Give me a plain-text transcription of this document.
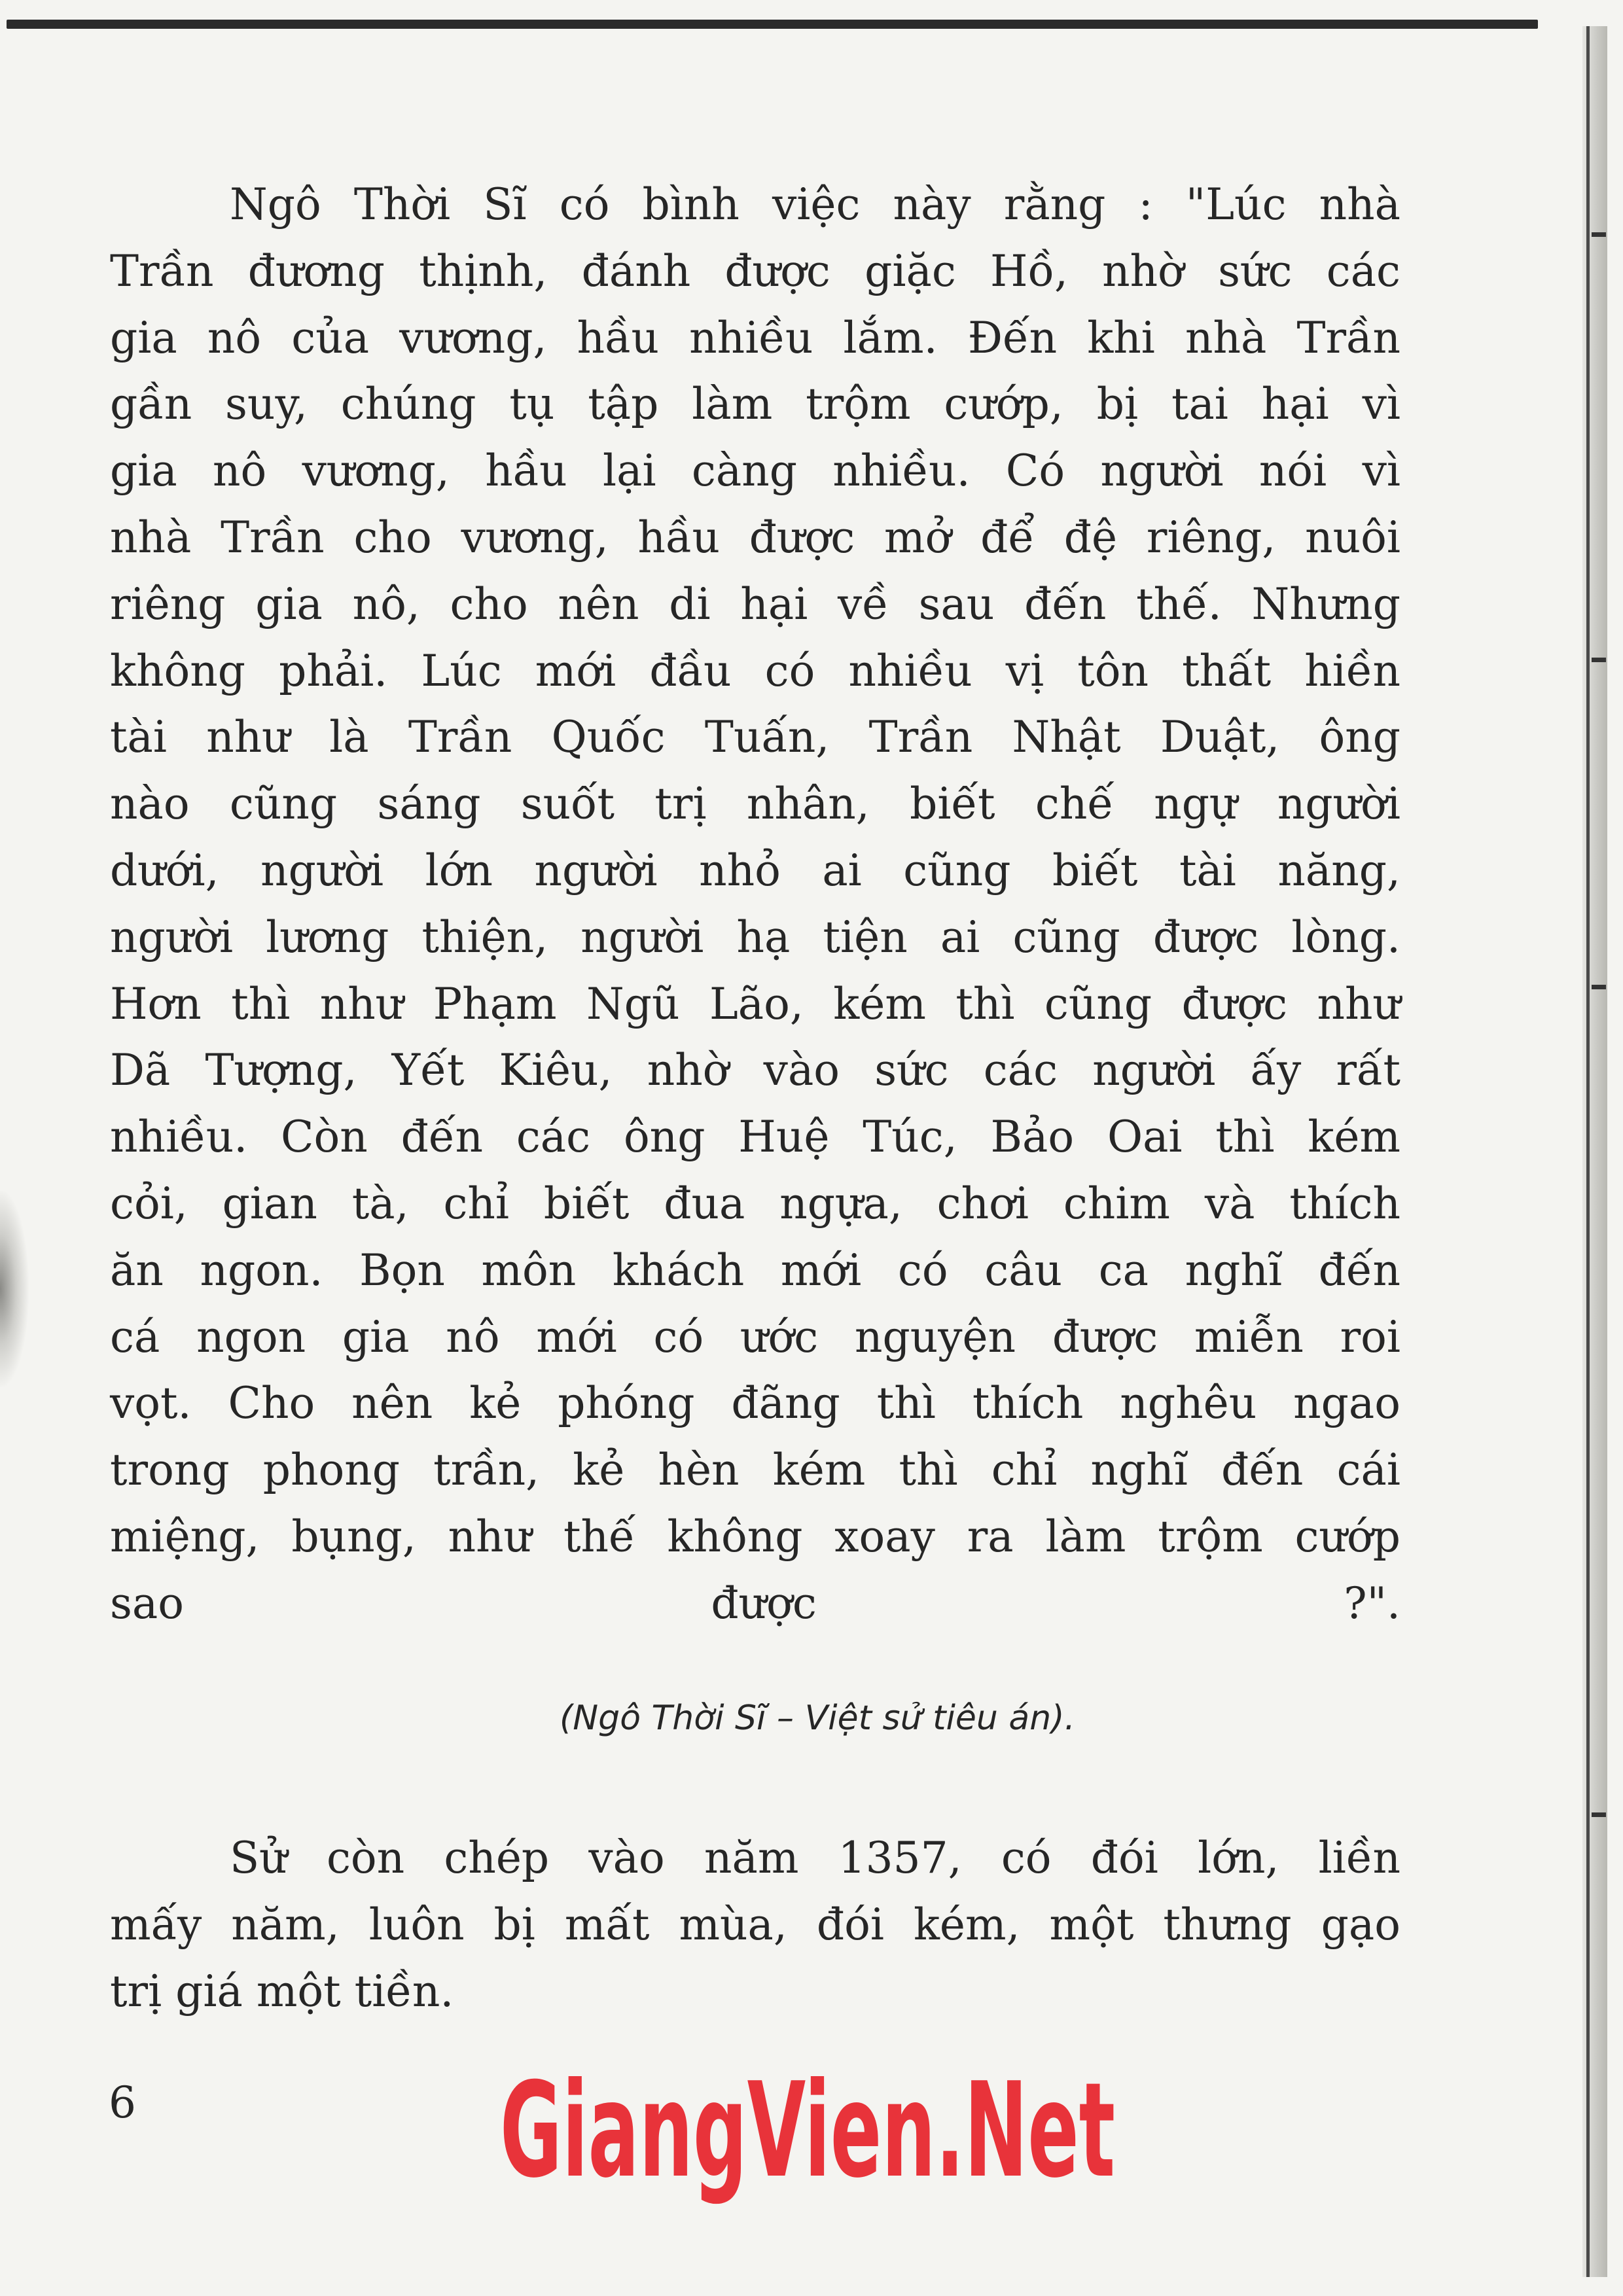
Ngô Thời Sĩ có bình việc này rằng : "Lúc nhà
Trần đương thịnh, đánh được giặc Hồ, nhờ sức các
gia nô của vương, hầu nhiều lắm. Đến khi nhà Trần
gần suy, chúng tụ tập làm trộm cướp, bị tai hại vì
gia nô vương, hầu lại càng nhiều. Có người nói vì
nhà Trần cho vương, hầu được mở để đệ riêng, nuôi
riêng gia nô, cho nên di hại về sau đến thế. Nhưng
không phải. Lúc mới đầu có nhiều vị tôn thất hiền
tài như là Trần Quốc Tuấn, Trần Nhật Duật, ông
nào cũng sáng suốt trị nhân, biết chế ngự người
dưới, người lớn người nhỏ ai cũng biết tài năng,
người lương thiện, người hạ tiện ai cũng được lòng.
Hơn thì như Phạm Ngũ Lão, kém thì cũng được như
Dã Tượng, Yết Kiêu, nhờ vào sức các người ấy rất
nhiều. Còn đến các ông Huệ Túc, Bảo Oai thì kém
cỏi, gian tà, chỉ biết đua ngựa, chơi chim và thích
ăn ngon. Bọn môn khách mới có câu ca nghĩ đến
cá ngon gia nô mới có ước nguyện được miễn roi
vọt. Cho nên kẻ phóng đãng thì thích nghêu ngao
trong phong trần, kẻ hèn kém thì chỉ nghĩ đến cái
miệng, bụng, như thế không xoay ra làm trộm cướp
sao được ?".
(Ngô Thời Sĩ – Việt sử tiêu án).
Sử còn chép vào năm 1357, có đói lớn, liền
mấy năm, luôn bị mất mùa, đói kém, một thưng gạo
trị giá một tiền.
6	GiangVien.Net
